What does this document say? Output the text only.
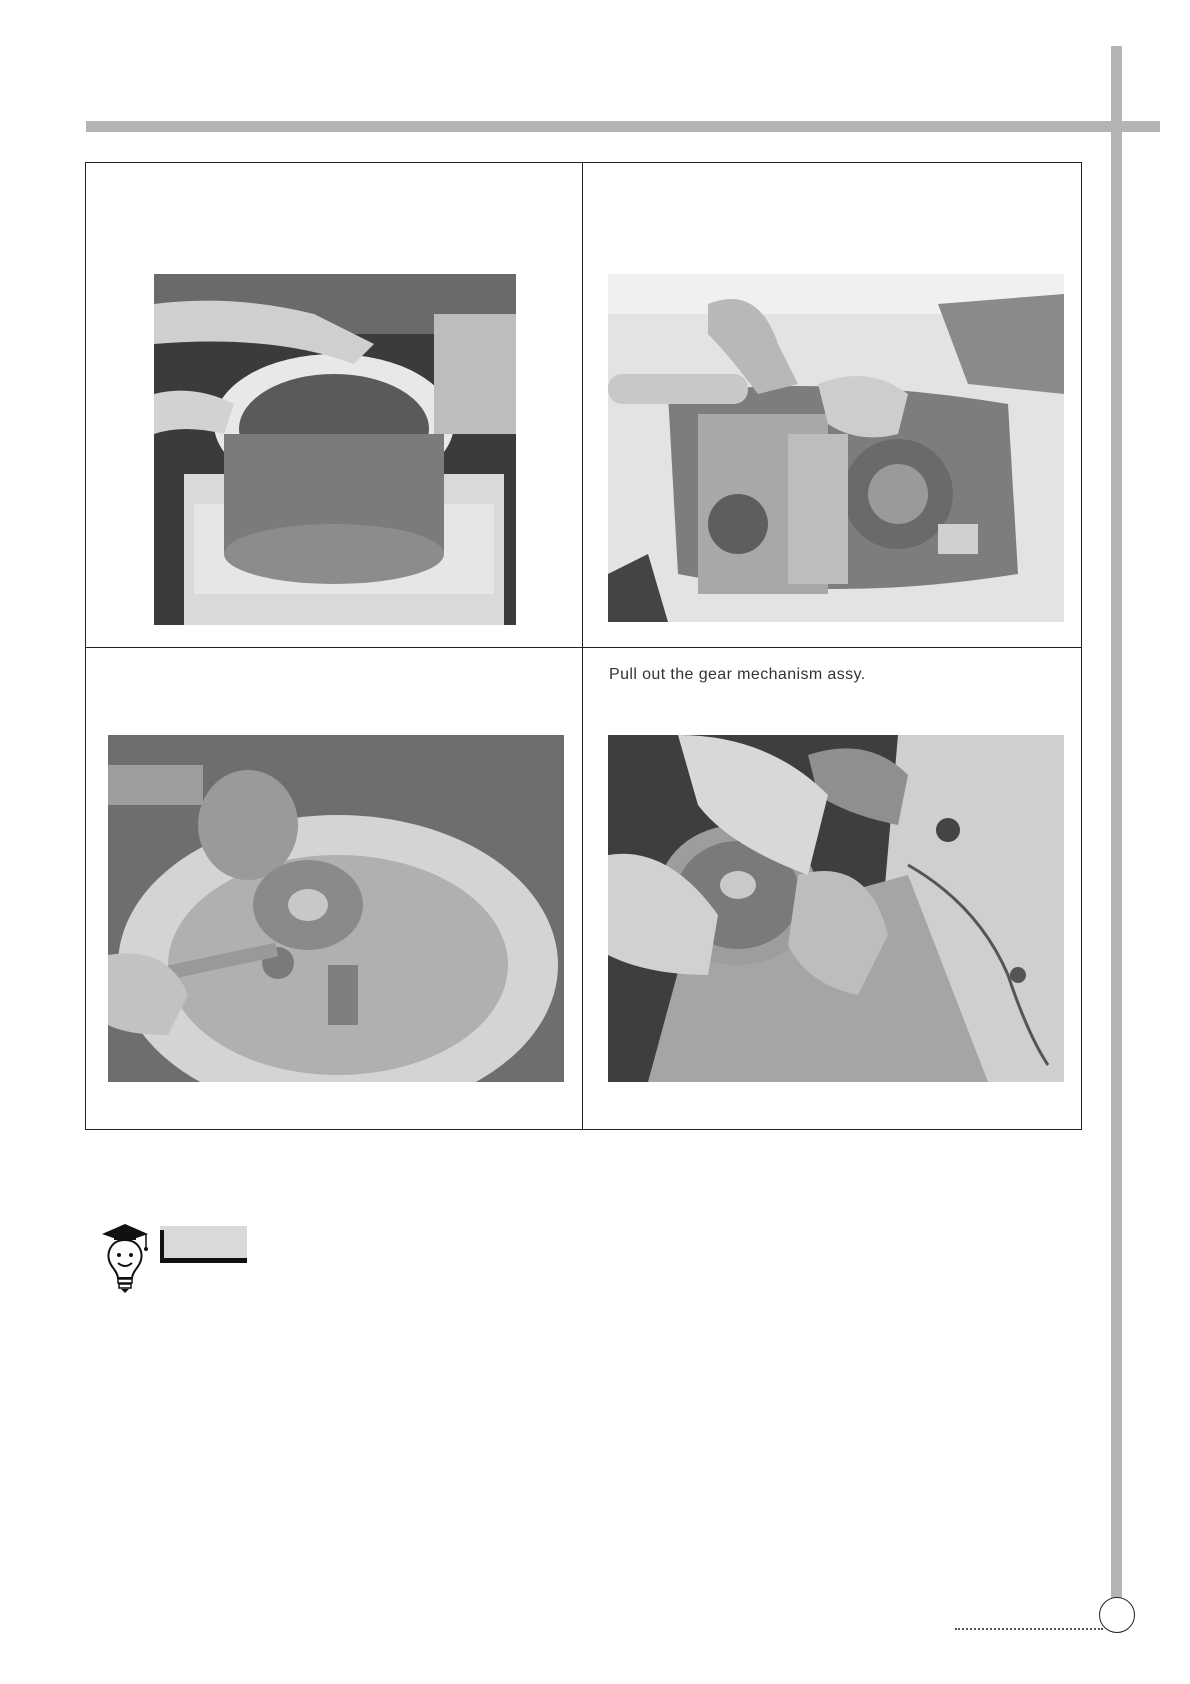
Pull out the gear mechanism assy.
